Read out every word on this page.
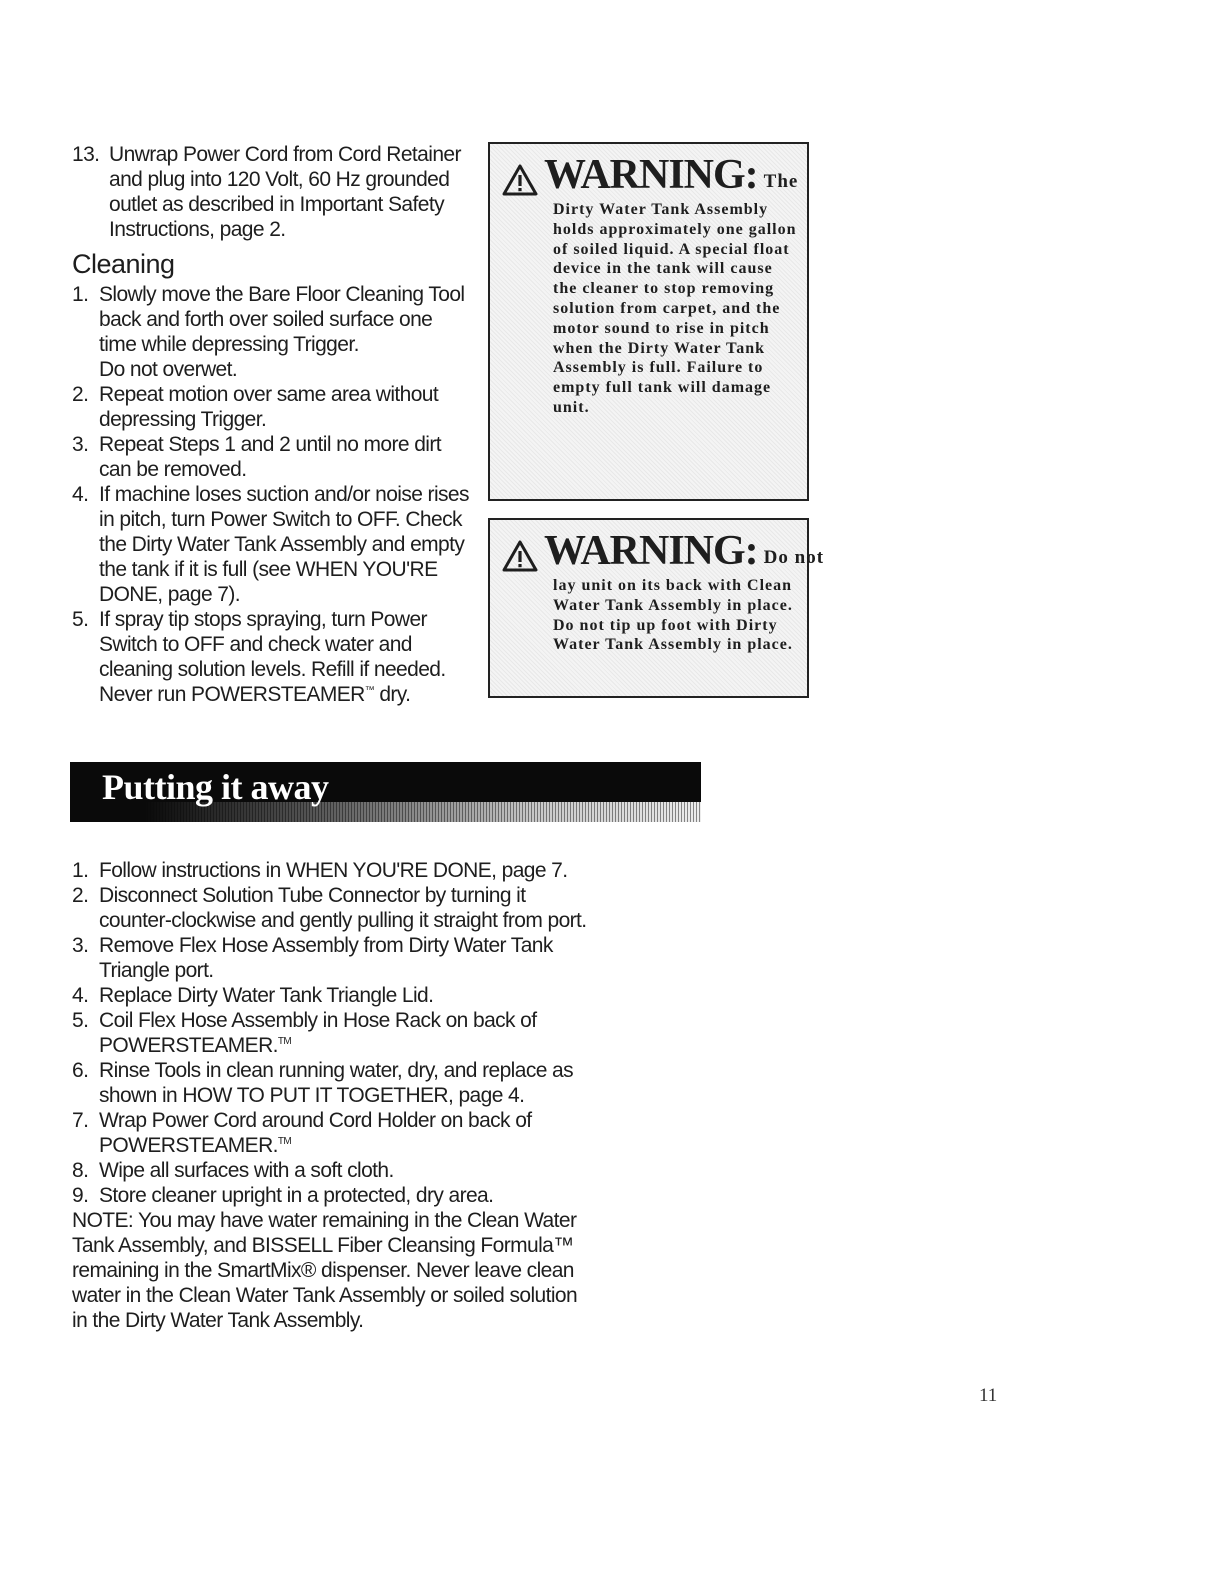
13. Unwrap Power Cord from Cord Retainer and plug into 120 Volt, 60 Hz grounded outlet as described in Important Safety Instructions, page 2.
Cleaning
1. Slowly move the Bare Floor Cleaning Tool back and forth over soiled surface one time while depressing Trigger.
Do not overwet.
2. Repeat motion over same area without depressing Trigger.
3. Repeat Steps 1 and 2 until no more dirt can be removed.
4. If machine loses suction and/or noise rises in pitch, turn Power Switch to OFF. Check the Dirty Water Tank Assembly and empty the tank if it is full (see WHEN YOU'RE DONE, page 7).
5. If spray tip stops spraying, turn Power Switch to OFF and check water and cleaning solution levels. Refill if needed.
Never run POWERSTEAMER™ dry.
WARNING: The
Dirty Water Tank Assembly holds approximately one gallon of soiled liquid. A special float device in the tank will cause the cleaner to stop removing solution from carpet, and the motor sound to rise in pitch when the Dirty Water Tank Assembly is full. Failure to empty full tank will damage unit.
WARNING: Do not
lay unit on its back with Clean Water Tank Assembly in place. Do not tip up foot with Dirty Water Tank Assembly in place.
Putting it away
1. Follow instructions in WHEN YOU'RE DONE, page 7.
2. Disconnect Solution Tube Connector by turning it counter-clockwise and gently pulling it straight from port.
3. Remove Flex Hose Assembly from Dirty Water Tank Triangle port.
4. Replace Dirty Water Tank Triangle Lid.
5. Coil Flex Hose Assembly in Hose Rack on back of POWERSTEAMER.™
6. Rinse Tools in clean running water, dry, and replace as shown in HOW TO PUT IT TOGETHER, page 4.
7. Wrap Power Cord around Cord Holder on back of POWERSTEAMER.™
8. Wipe all surfaces with a soft cloth.
9. Store cleaner upright in a protected, dry area.
NOTE: You may have water remaining in the Clean Water Tank Assembly, and BISSELL Fiber Cleansing Formula™ remaining in the SmartMix® dispenser. Never leave clean water in the Clean Water Tank Assembly or soiled solution in the Dirty Water Tank Assembly.
11
